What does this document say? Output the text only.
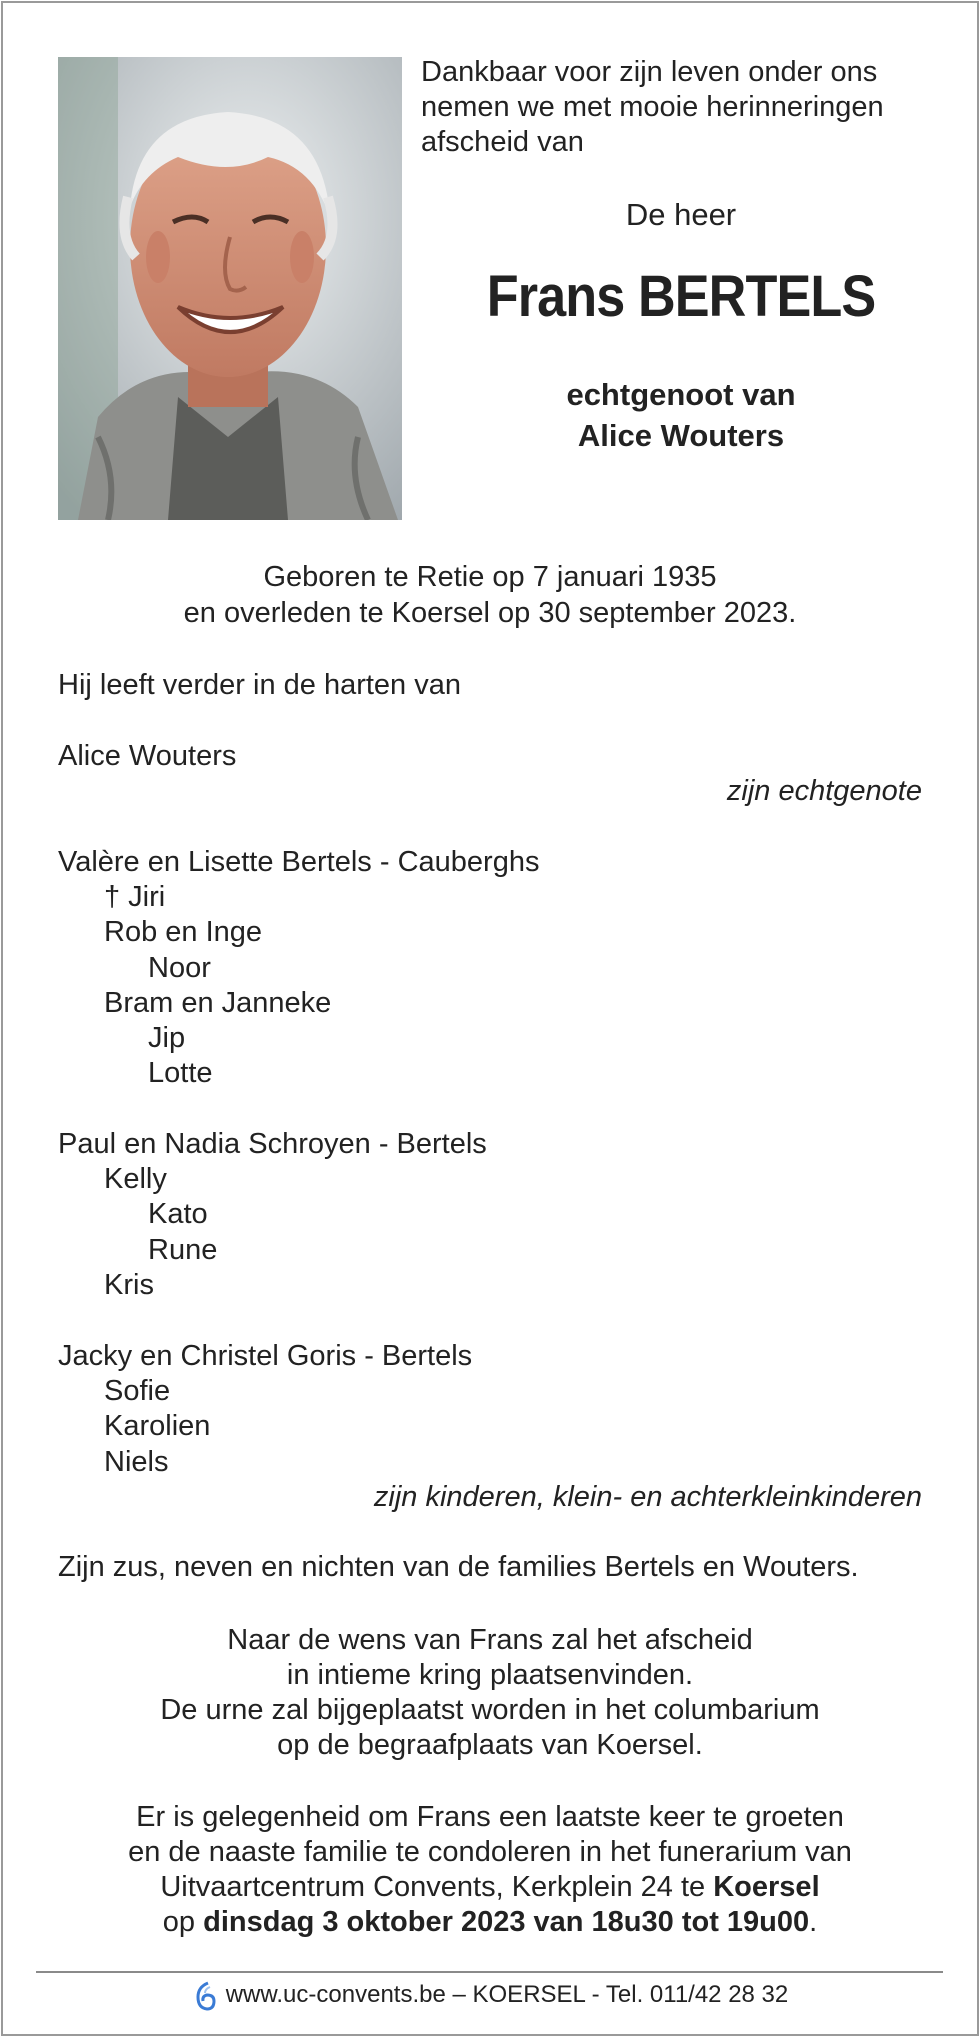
Dankbaar voor zijn leven onder ons nemen we met mooie herinneringen afscheid van
De heer
Frans BERTELS
echtgenoot van
Alice Wouters
Geboren te Retie op 7 januari 1935
en overleden te Koersel op 30 september 2023.
Hij leeft verder in de harten van
Alice Wouters
zijn echtgenote
Valère en Lisette Bertels - Cauberghs
† Jiri
Rob en Inge
Noor
Bram en Janneke
Jip
Lotte
Paul en Nadia Schroyen - Bertels
Kelly
Kato
Rune
Kris
Jacky en Christel Goris - Bertels
Sofie
Karolien
Niels
zijn kinderen, klein- en achterkleinkinderen
Zijn zus, neven en nichten van de families Bertels en Wouters.
Naar de wens van Frans zal het afscheid
in intieme kring plaatsenvinden.
De urne zal bijgeplaatst worden in het columbarium
op de begraafplaats van Koersel.
Er is gelegenheid om Frans een laatste keer te groeten
en de naaste familie te condoleren in het funerarium van
Uitvaartcentrum Convents, Kerkplein 24 te Koersel
op dinsdag 3 oktober 2023 van 18u30 tot 19u00.
www.uc-convents.be – KOERSEL - Tel. 011/42 28 32
